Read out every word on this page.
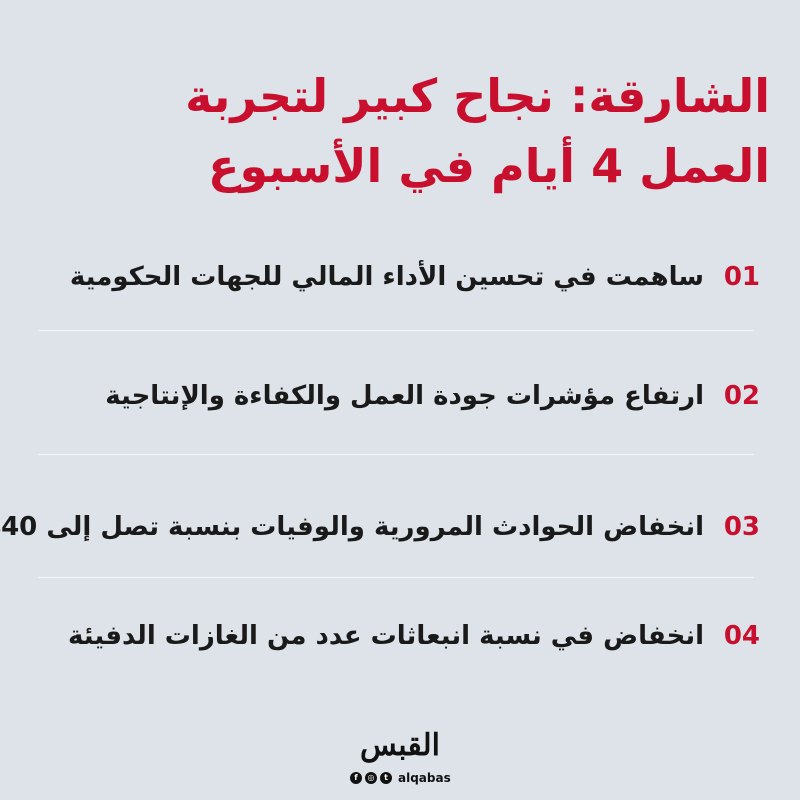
الشارقة: نجاح كبير لتجربة
العمل 4 أيام في الأسبوع
01
ساهمت في تحسين الأداء المالي للجهات الحكومية
02
ارتفاع مؤشرات جودة العمل والكفاءة والإنتاجية
03
انخفاض الحوادث المرورية والوفيات بنسبة تصل إلى 40
04
انخفاض في نسبة انبعاثات عدد من الغازات الدفيئة
القبس
f	◎	t alqabas
